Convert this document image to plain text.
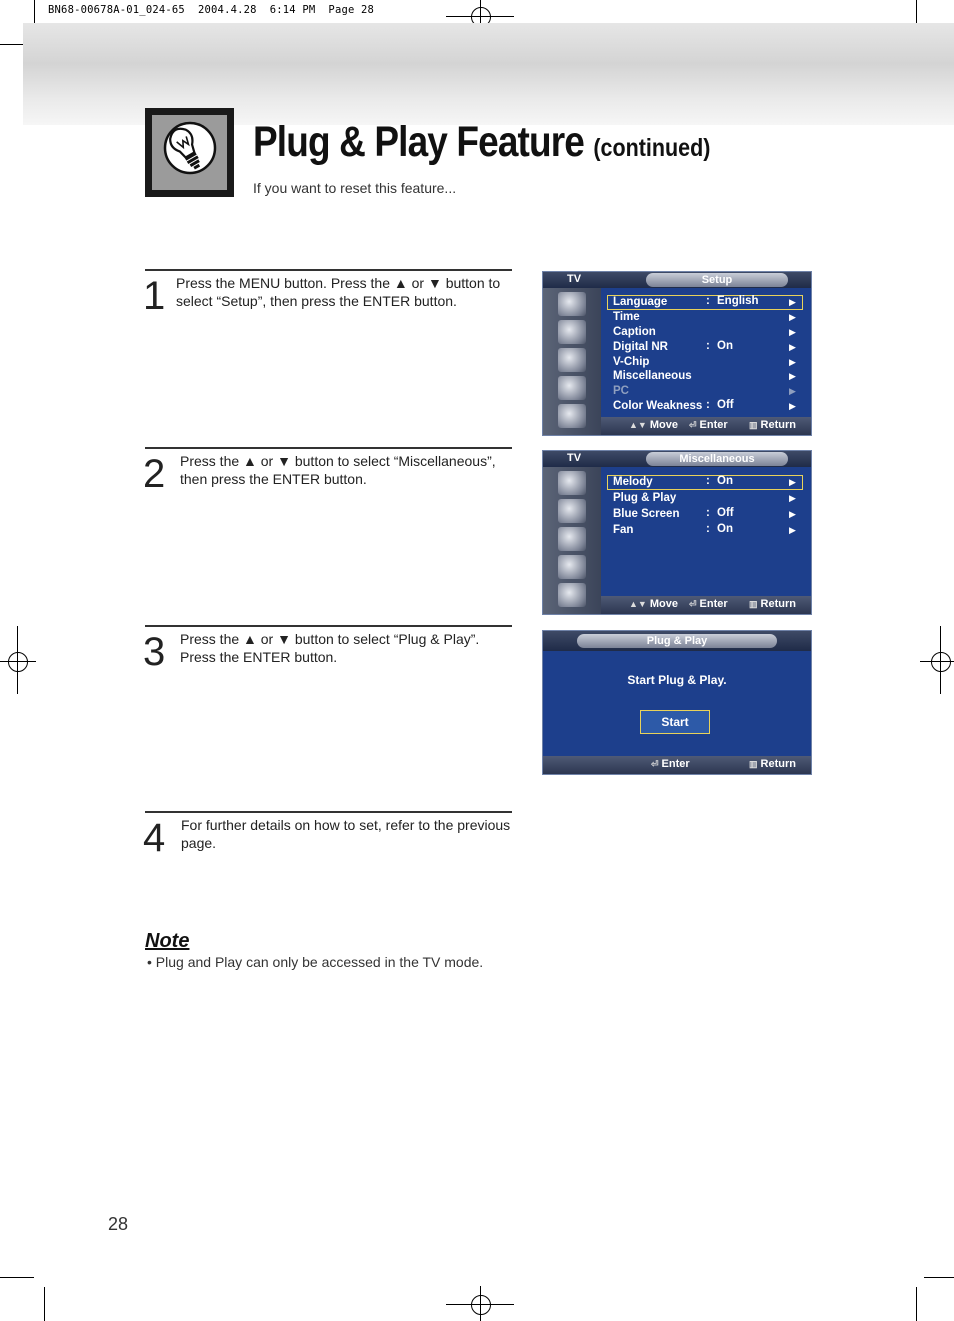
BN68-00678A-01_024-65  2004.4.28  6:14 PM  Page 28
Plug & Play Feature (continued)
If you want to reset this feature...
1 Press the MENU button. Press the ▲ or ▼ button to select “Setup”, then press the ENTER button.
2 Press the ▲ or ▼ button to select “Miscellaneous”, then press the ENTER button.
3 Press the ▲ or ▼ button to select “Plug & Play”. Press the ENTER button.
4 For further details on how to set, refer to the previous page.
TV	Setup
Language	: English	▶
Time	▶
Caption	▶
Digital NR	: On	▶
V-Chip	▶
Miscellaneous	▶
PC	▶
Color Weakness : Off	▶
▲▼ Move ⏎ Enter ▥ Return
TV	Miscellaneous
Melody	: On	▶
Plug & Play	▶
Blue Screen : Off	▶
Fan	: On	▶
▲▼ Move ⏎ Enter ▥ Return
Plug & Play
Start Plug & Play.
Start
⏎ Enter	▥ Return
Note
• Plug and Play can only be accessed in the TV mode.
28
